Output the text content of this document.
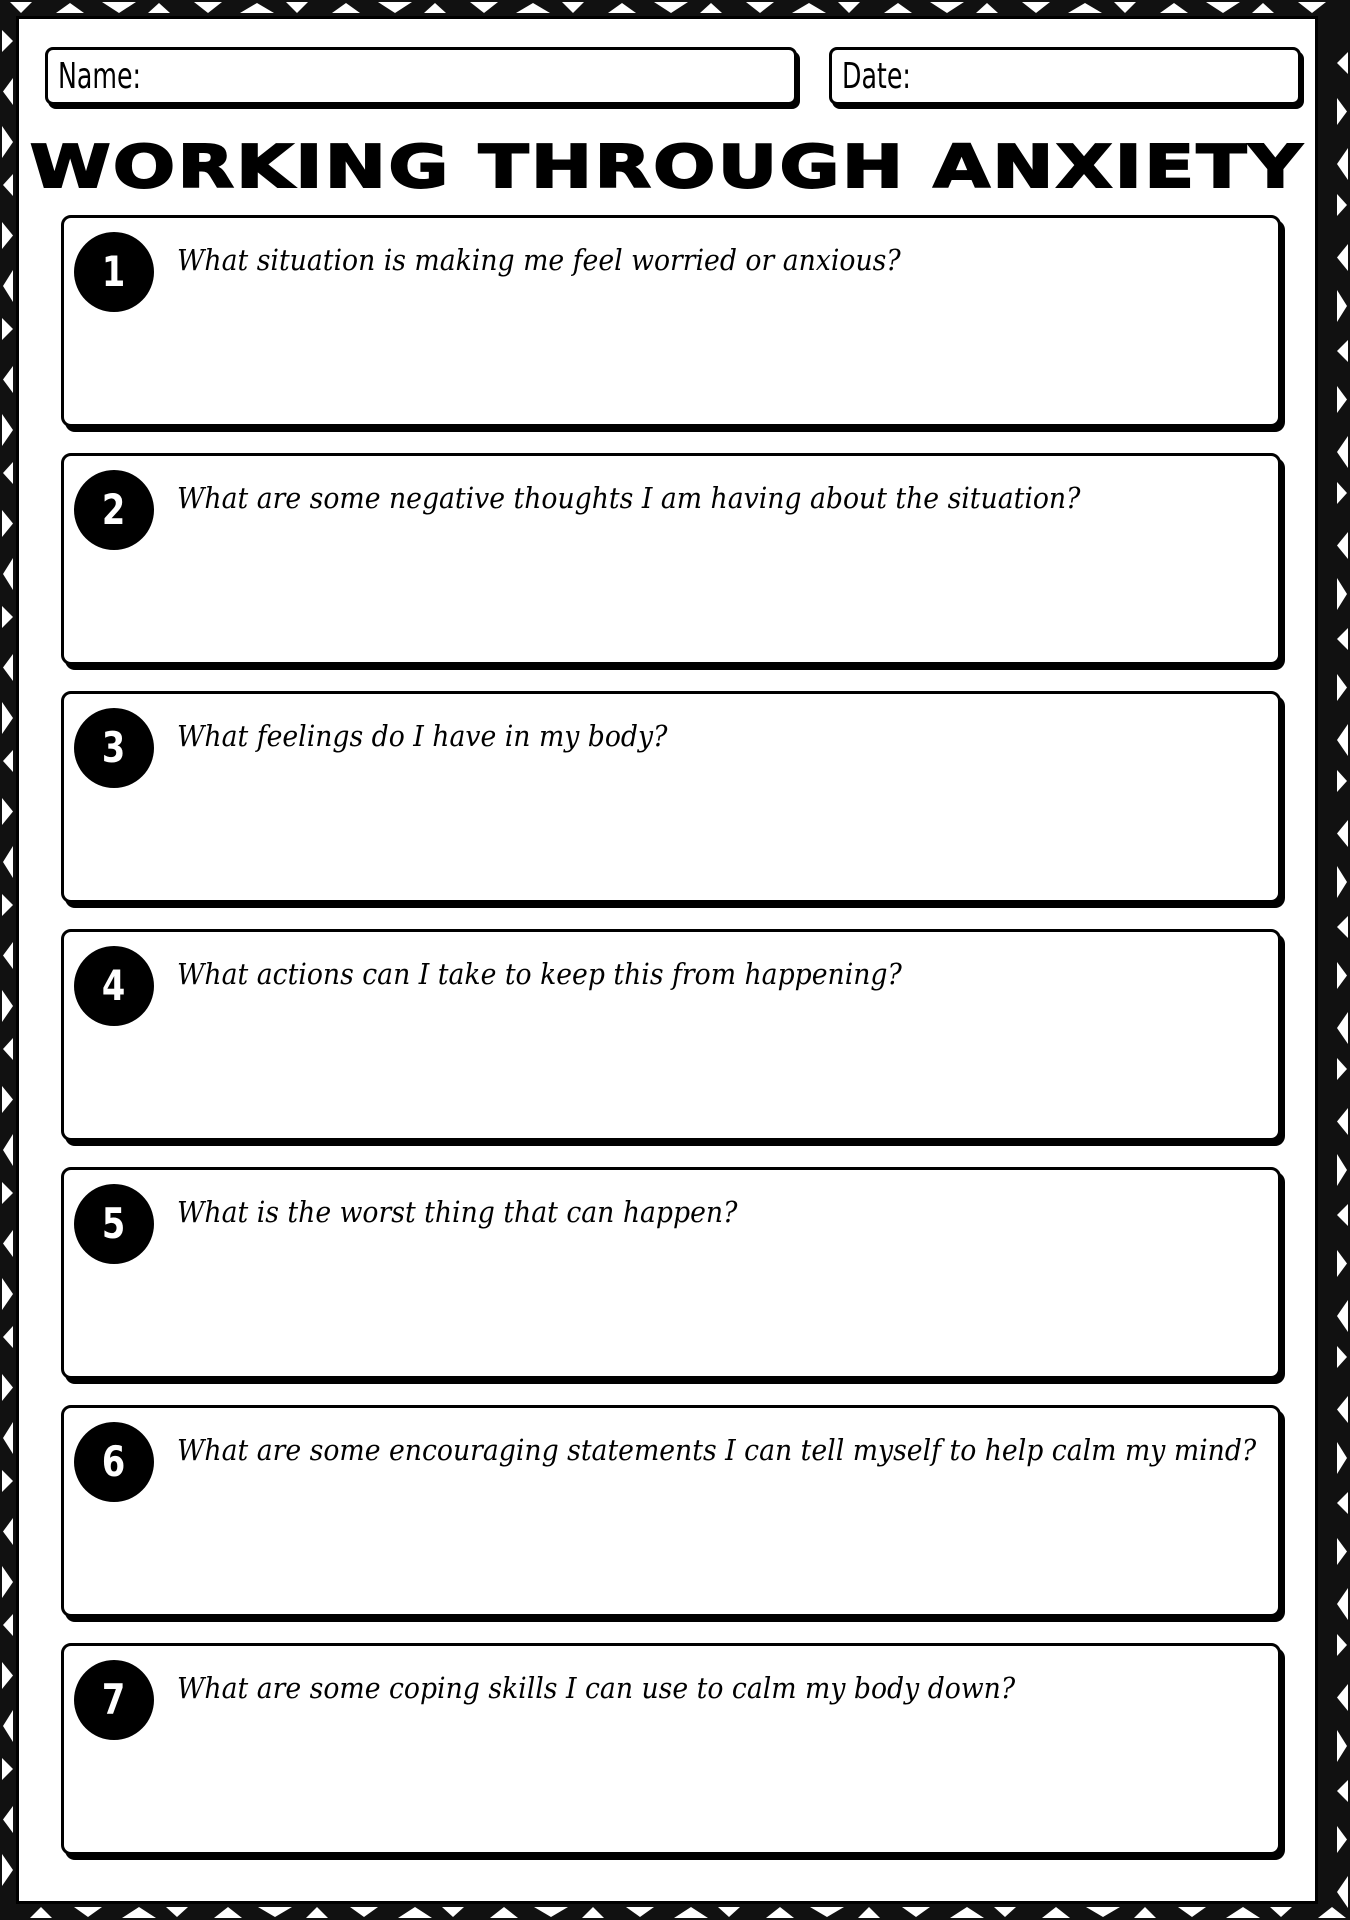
Name:	Date:
WORKING THROUGH ANXIETY
1 What situation is making me feel worried or anxious?
2 What are some negative thoughts I am having about the situation?
3 What feelings do I have in my body?
4 What actions can I take to keep this from happening?
5 What is the worst thing that can happen?
6 What are some encouraging statements I can tell myself to help calm my mind?
7 What are some coping skills I can use to calm my body down?
